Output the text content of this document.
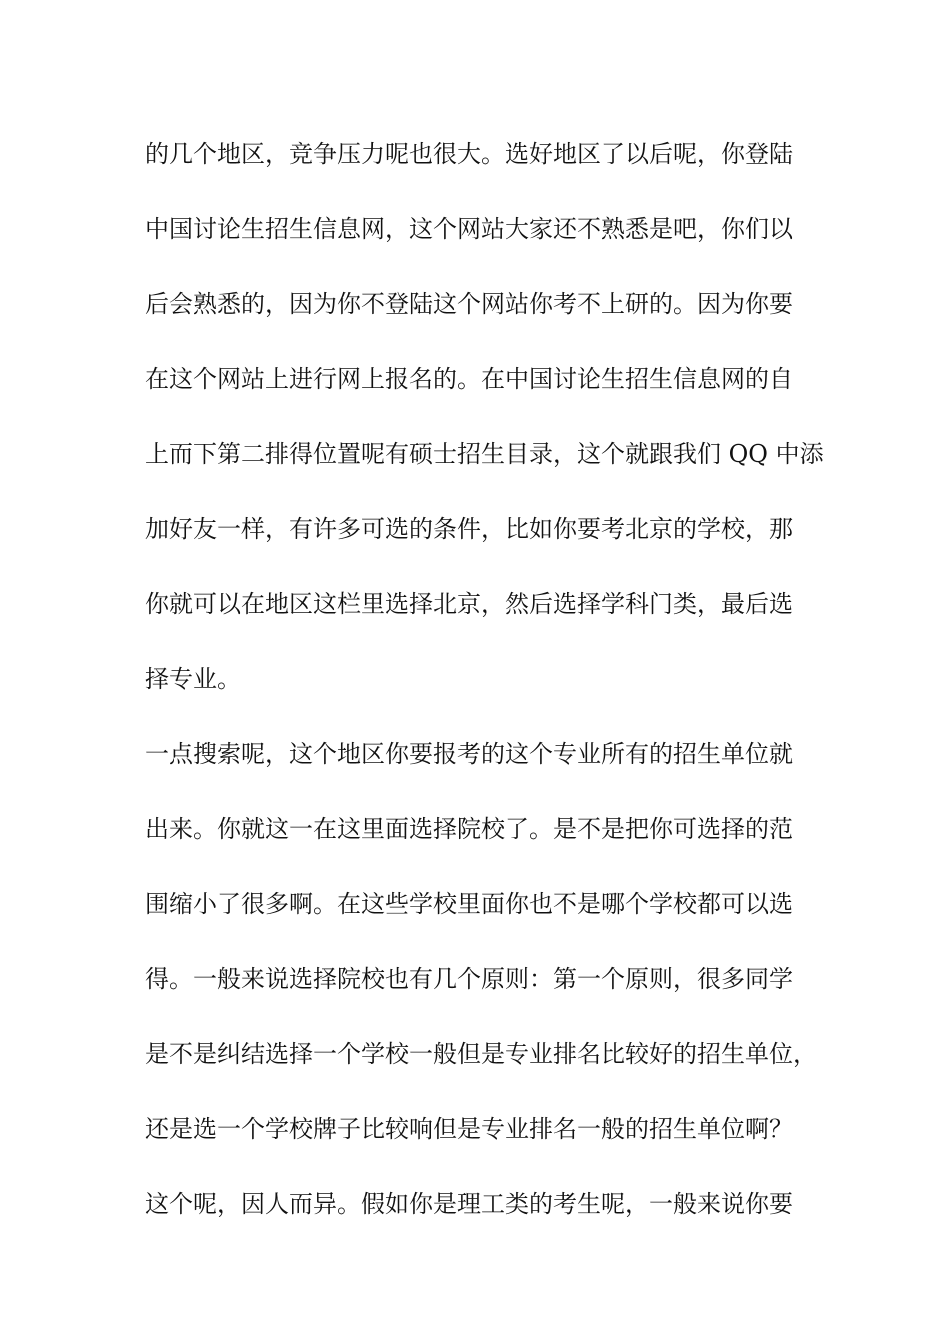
的几个地区，竞争压力呢也很大。选好地区了以后呢，你登陆
中国讨论生招生信息网，这个网站大家还不熟悉是吧，你们以
后会熟悉的，因为你不登陆这个网站你考不上研的。因为你要
在这个网站上进行网上报名的。在中国讨论生招生信息网的自
上而下第二排得位置呢有硕士招生目录，这个就跟我们 QQ 中添
加好友一样，有许多可选的条件，比如你要考北京的学校，那
你就可以在地区这栏里选择北京，然后选择学科门类，最后选
择专业。
一点搜索呢，这个地区你要报考的这个专业所有的招生单位就
出来。你就这一在这里面选择院校了。是不是把你可选择的范
围缩小了很多啊。在这些学校里面你也不是哪个学校都可以选
得。一般来说选择院校也有几个原则：第一个原则，很多同学
是不是纠结选择一个学校一般但是专业排名比较好的招生单位，
还是选一个学校牌子比较响但是专业排名一般的招生单位啊？
这个呢，因人而异。假如你是理工类的考生呢，一般来说你要
